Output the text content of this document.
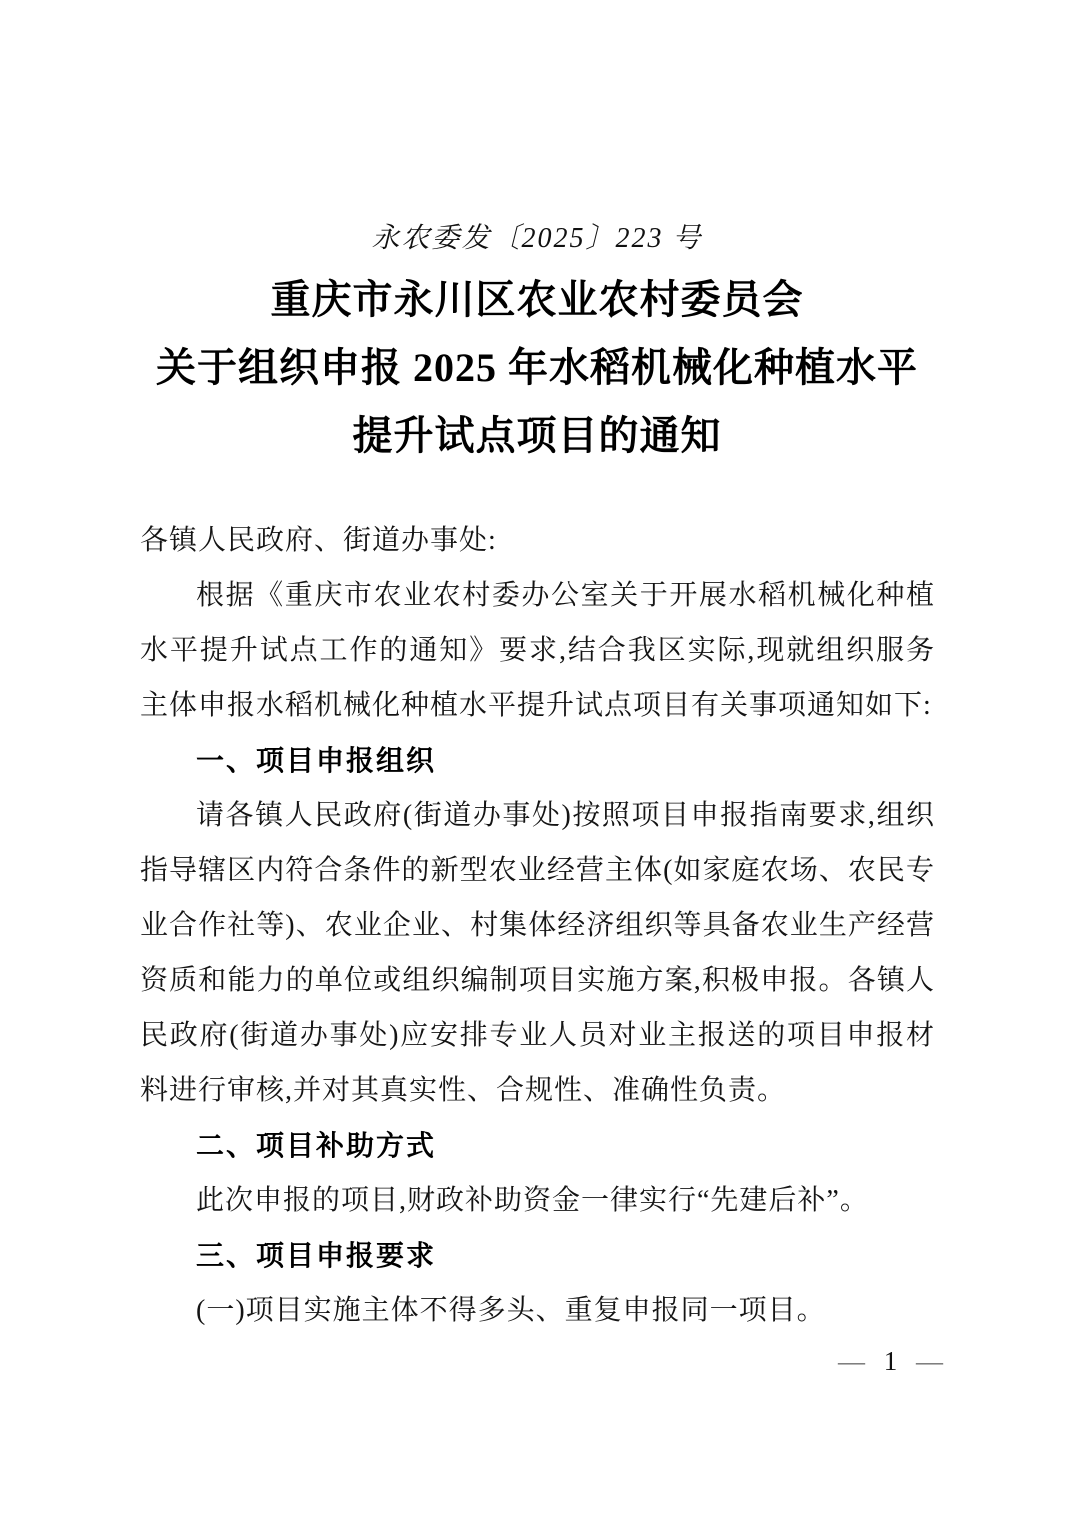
永农委发〔2025〕223 号
重庆市永川区农业农村委员会
关于组织申报 2025 年水稻机械化种植水平
提升试点项目的通知

各镇人民政府、街道办事处:

根据《重庆市农业农村委办公室关于开展水稻机械化种植水平提升试点工作的通知》要求,结合我区实际,现就组织服务主体申报水稻机械化种植水平提升试点项目有关事项通知如下:

一、项目申报组织

请各镇人民政府(街道办事处)按照项目申报指南要求,组织指导辖区内符合条件的新型农业经营主体(如家庭农场、农民专业合作社等)、农业企业、村集体经济组织等具备农业生产经营资质和能力的单位或组织编制项目实施方案,积极申报。各镇人民政府(街道办事处)应安排专业人员对业主报送的项目申报材料进行审核,并对其真实性、合规性、准确性负责。

二、项目补助方式

此次申报的项目,财政补助资金一律实行“先建后补”。

三、项目申报要求

(一)项目实施主体不得多头、重复申报同一项目。

— 1 —
